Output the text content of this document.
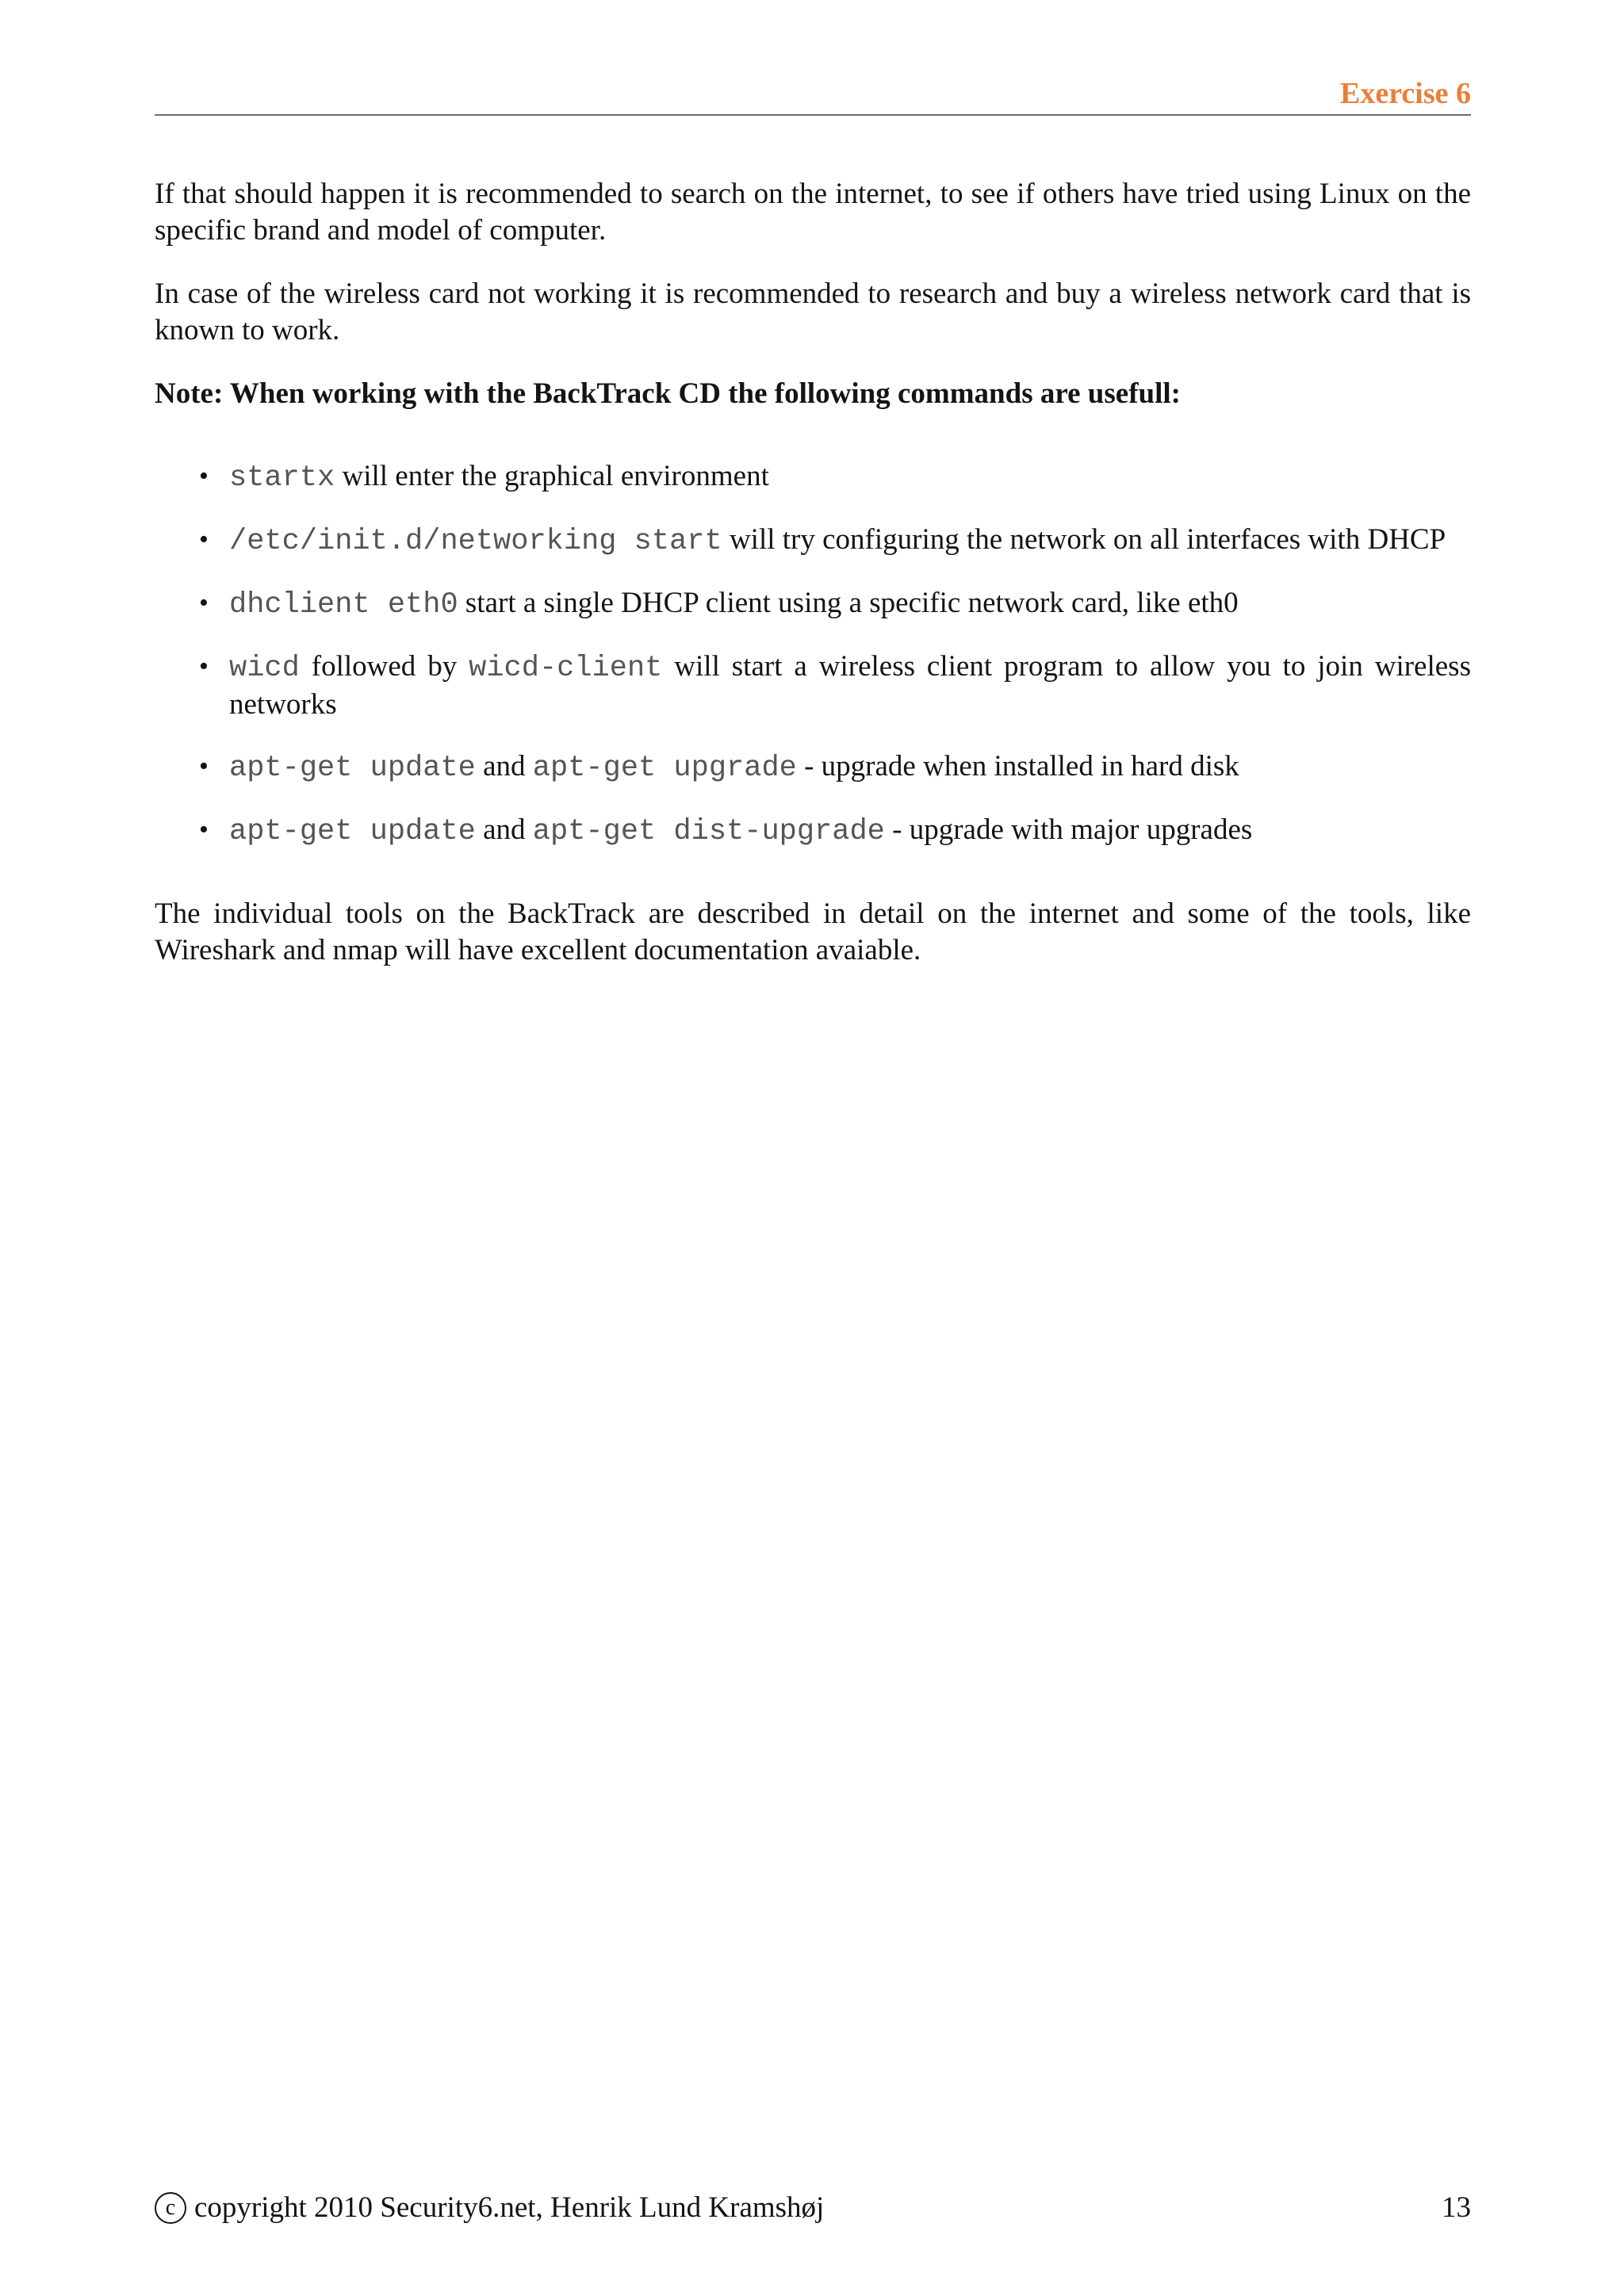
Exercise 6

If that should happen it is recommended to search on the internet, to see if others have tried using Linux on the specific brand and model of computer.

In case of the wireless card not working it is recommended to research and buy a wireless network card that is known to work.

Note: When working with the BackTrack CD the following commands are usefull:

• startx will enter the graphical environment
• /etc/init.d/networking start will try configuring the network on all interfaces with DHCP
• dhclient eth0 start a single DHCP client using a specific network card, like eth0
• wicd followed by wicd-client will start a wireless client program to allow you to join wireless networks
• apt-get update and apt-get upgrade - upgrade when installed in hard disk
• apt-get update and apt-get dist-upgrade - upgrade with major upgrades

The individual tools on the BackTrack are described in detail on the internet and some of the tools, like Wireshark and nmap will have excellent documentation avaiable.

c copyright 2010 Security6.net, Henrik Lund Kramshøj	13
